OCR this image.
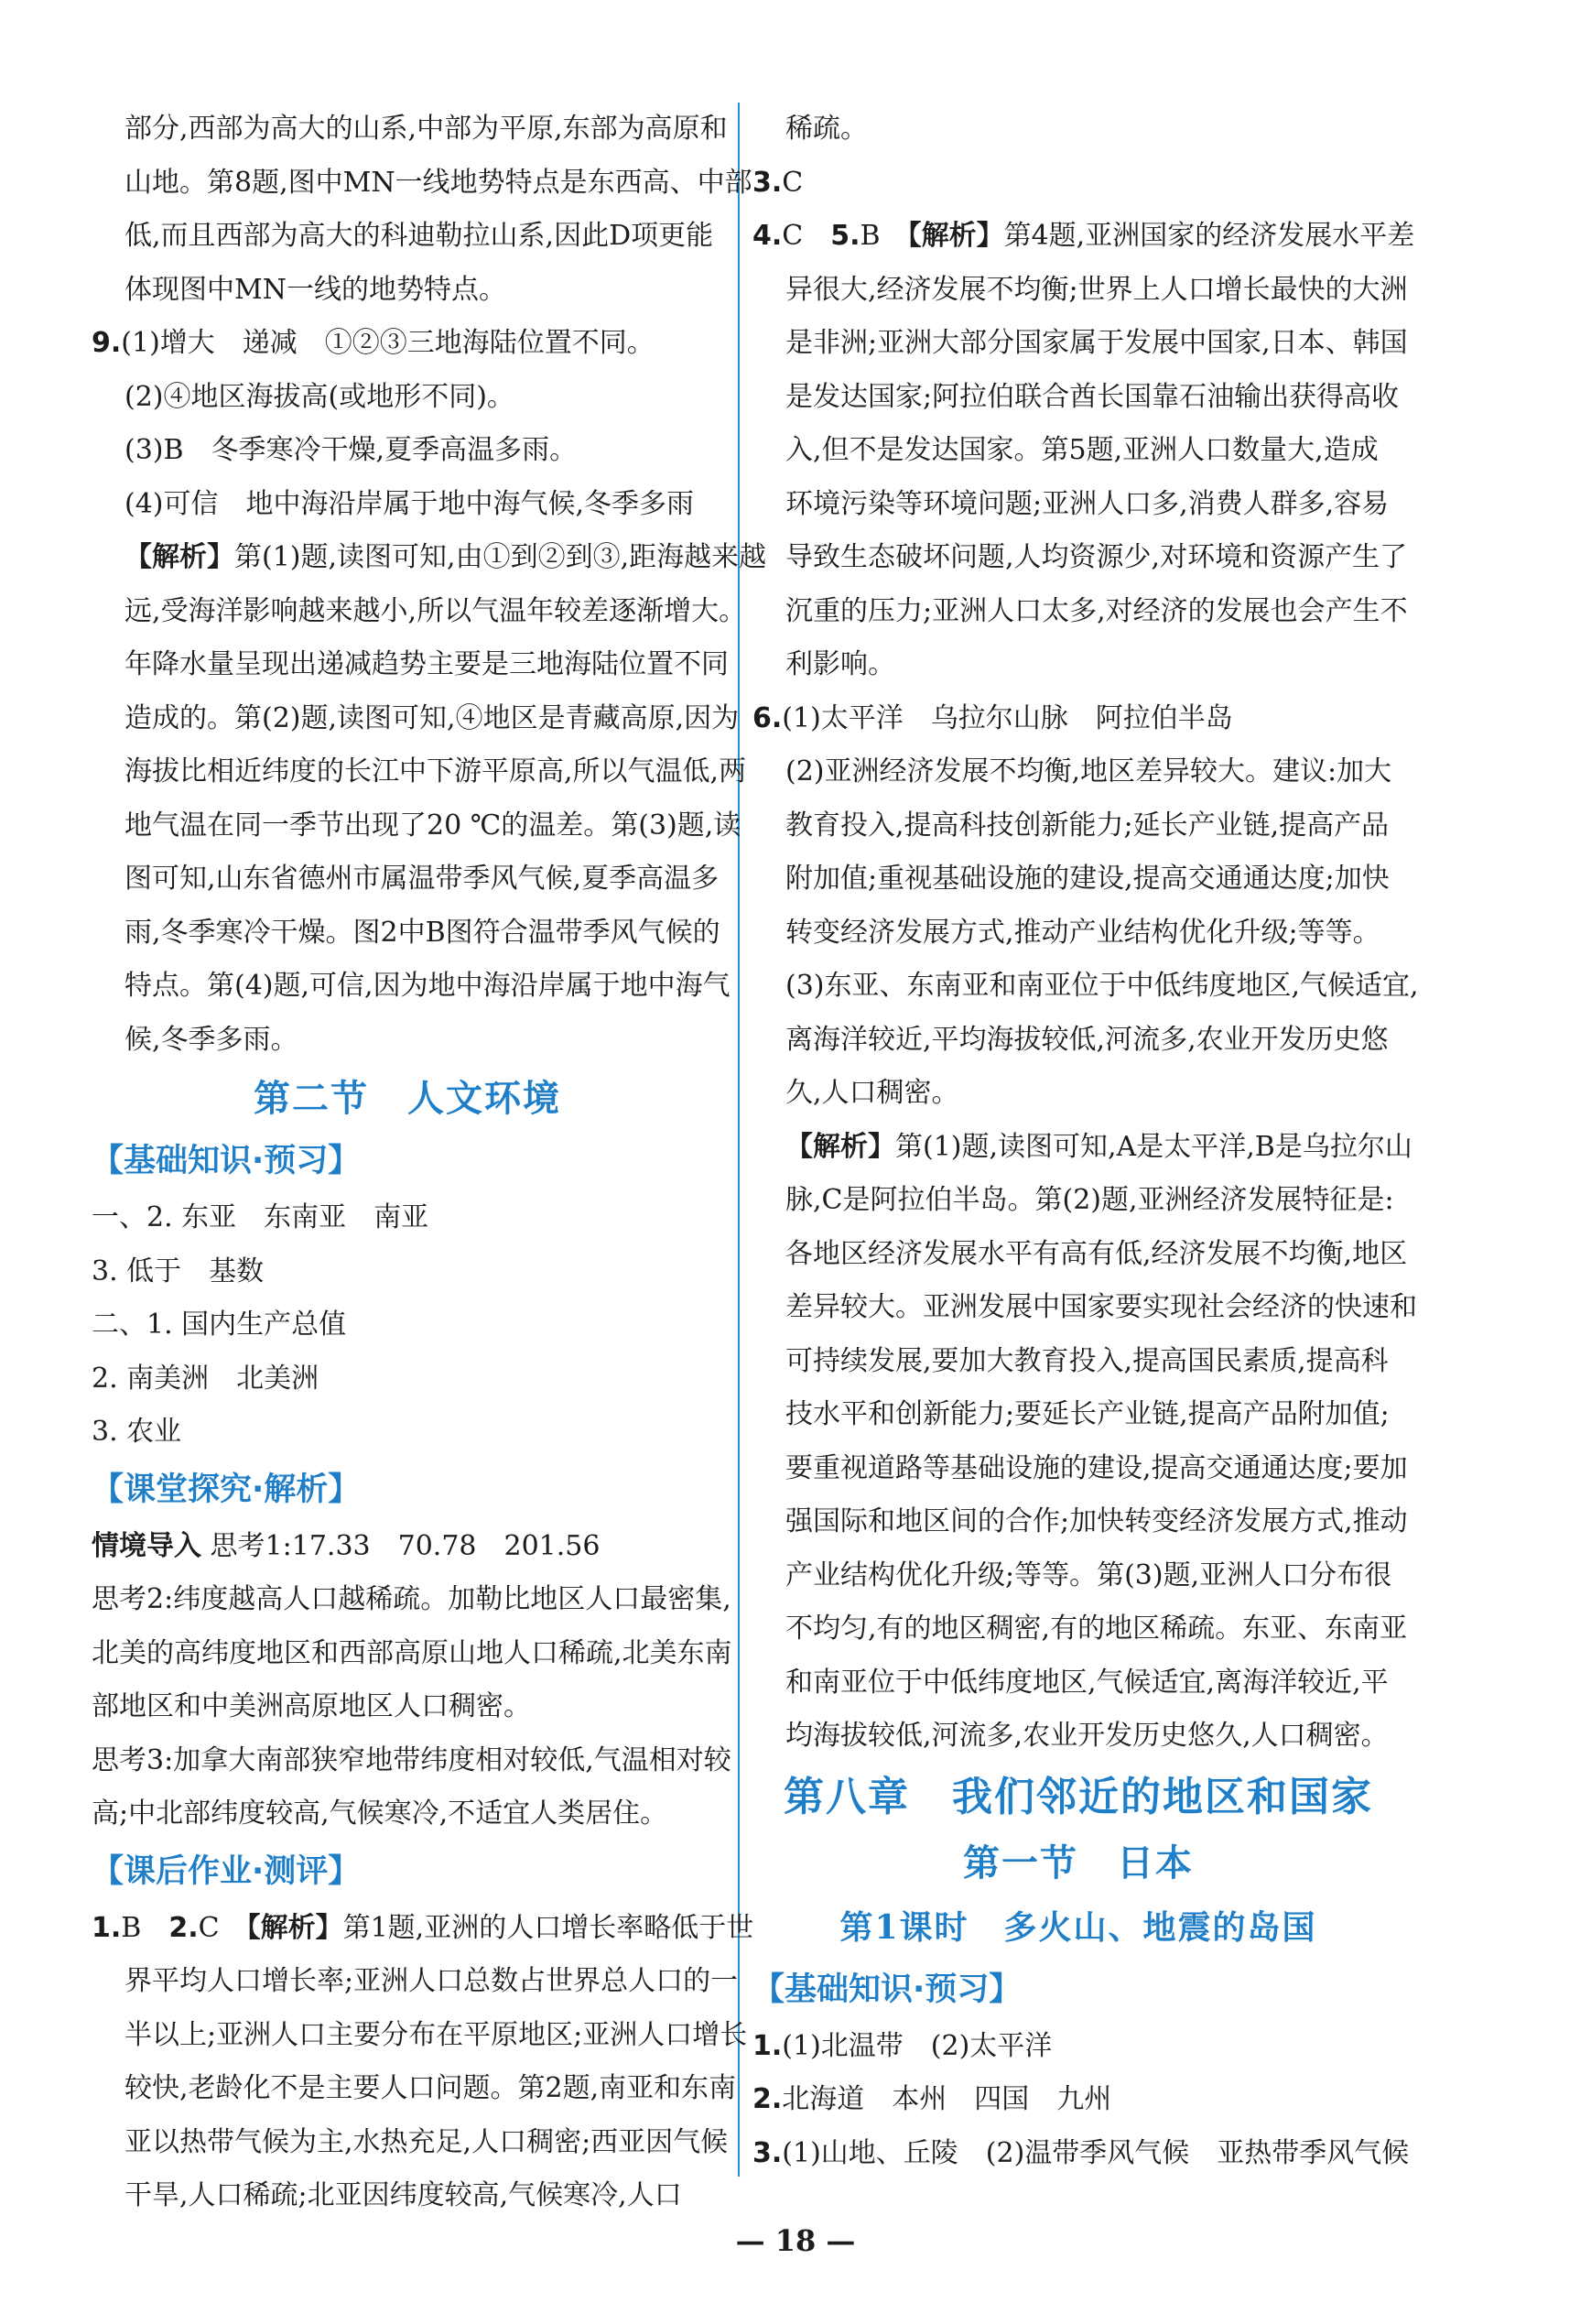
部分,西部为高大的山系,中部为平原,东部为高原和
山地。第8题,图中MN一线地势特点是东西高、中部
低,而且西部为高大的科迪勒拉山系,因此D项更能
体现图中MN一线的地势特点。
9.(1)增大　递减　①②③三地海陆位置不同。
(2)④地区海拔高(或地形不同)。
(3)B　冬季寒冷干燥,夏季高温多雨。
(4)可信　地中海沿岸属于地中海气候,冬季多雨
【解析】第(1)题,读图可知,由①到②到③,距海越来越
远,受海洋影响越来越小,所以气温年较差逐渐增大。
年降水量呈现出递减趋势主要是三地海陆位置不同
造成的。第(2)题,读图可知,④地区是青藏高原,因为
海拔比相近纬度的长江中下游平原高,所以气温低,两
地气温在同一季节出现了20 ℃的温差。第(3)题,读
图可知,山东省德州市属温带季风气候,夏季高温多
雨,冬季寒冷干燥。图2中B图符合温带季风气候的
特点。第(4)题,可信,因为地中海沿岸属于地中海气
候,冬季多雨。
第二节　人文环境
【基础知识·预习】
一、2. 东亚　东南亚　南亚
3. 低于　基数
二、1. 国内生产总值
2. 南美洲　北美洲
3. 农业
【课堂探究·解析】
情境导入 思考1:17.33　70.78　201.56
思考2:纬度越高人口越稀疏。加勒比地区人口最密集,
北美的高纬度地区和西部高原山地人口稀疏,北美东南
部地区和中美洲高原地区人口稠密。
思考3:加拿大南部狭窄地带纬度相对较低,气温相对较
高;中北部纬度较高,气候寒冷,不适宜人类居住。
【课后作业·测评】
1.B　2.C　【解析】第1题,亚洲的人口增长率略低于世
界平均人口增长率;亚洲人口总数占世界总人口的一
半以上;亚洲人口主要分布在平原地区;亚洲人口增长
较快,老龄化不是主要人口问题。第2题,南亚和东南
亚以热带气候为主,水热充足,人口稠密;西亚因气候
干旱,人口稀疏;北亚因纬度较高,气候寒冷,人口
稀疏。
3.C
4.C　5.B　【解析】第4题,亚洲国家的经济发展水平差
异很大,经济发展不均衡;世界上人口增长最快的大洲
是非洲;亚洲大部分国家属于发展中国家,日本、韩国
是发达国家;阿拉伯联合酋长国靠石油输出获得高收
入,但不是发达国家。第5题,亚洲人口数量大,造成
环境污染等环境问题;亚洲人口多,消费人群多,容易
导致生态破坏问题,人均资源少,对环境和资源产生了
沉重的压力;亚洲人口太多,对经济的发展也会产生不
利影响。
6.(1)太平洋　乌拉尔山脉　阿拉伯半岛
(2)亚洲经济发展不均衡,地区差异较大。建议:加大
教育投入,提高科技创新能力;延长产业链,提高产品
附加值;重视基础设施的建设,提高交通通达度;加快
转变经济发展方式,推动产业结构优化升级;等等。
(3)东亚、东南亚和南亚位于中低纬度地区,气候适宜,
离海洋较近,平均海拔较低,河流多,农业开发历史悠
久,人口稠密。
【解析】第(1)题,读图可知,A是太平洋,B是乌拉尔山
脉,C是阿拉伯半岛。第(2)题,亚洲经济发展特征是:
各地区经济发展水平有高有低,经济发展不均衡,地区
差异较大。亚洲发展中国家要实现社会经济的快速和
可持续发展,要加大教育投入,提高国民素质,提高科
技水平和创新能力;要延长产业链,提高产品附加值;
要重视道路等基础设施的建设,提高交通通达度;要加
强国际和地区间的合作;加快转变经济发展方式,推动
产业结构优化升级;等等。第(3)题,亚洲人口分布很
不均匀,有的地区稠密,有的地区稀疏。东亚、东南亚
和南亚位于中低纬度地区,气候适宜,离海洋较近,平
均海拔较低,河流多,农业开发历史悠久,人口稠密。
第八章　我们邻近的地区和国家
第一节　日本
第1课时　多火山、地震的岛国
【基础知识·预习】
1.(1)北温带　(2)太平洋
2.北海道　本州　四国　九州
3.(1)山地、丘陵　(2)温带季风气候　亚热带季风气候
— 18 —
